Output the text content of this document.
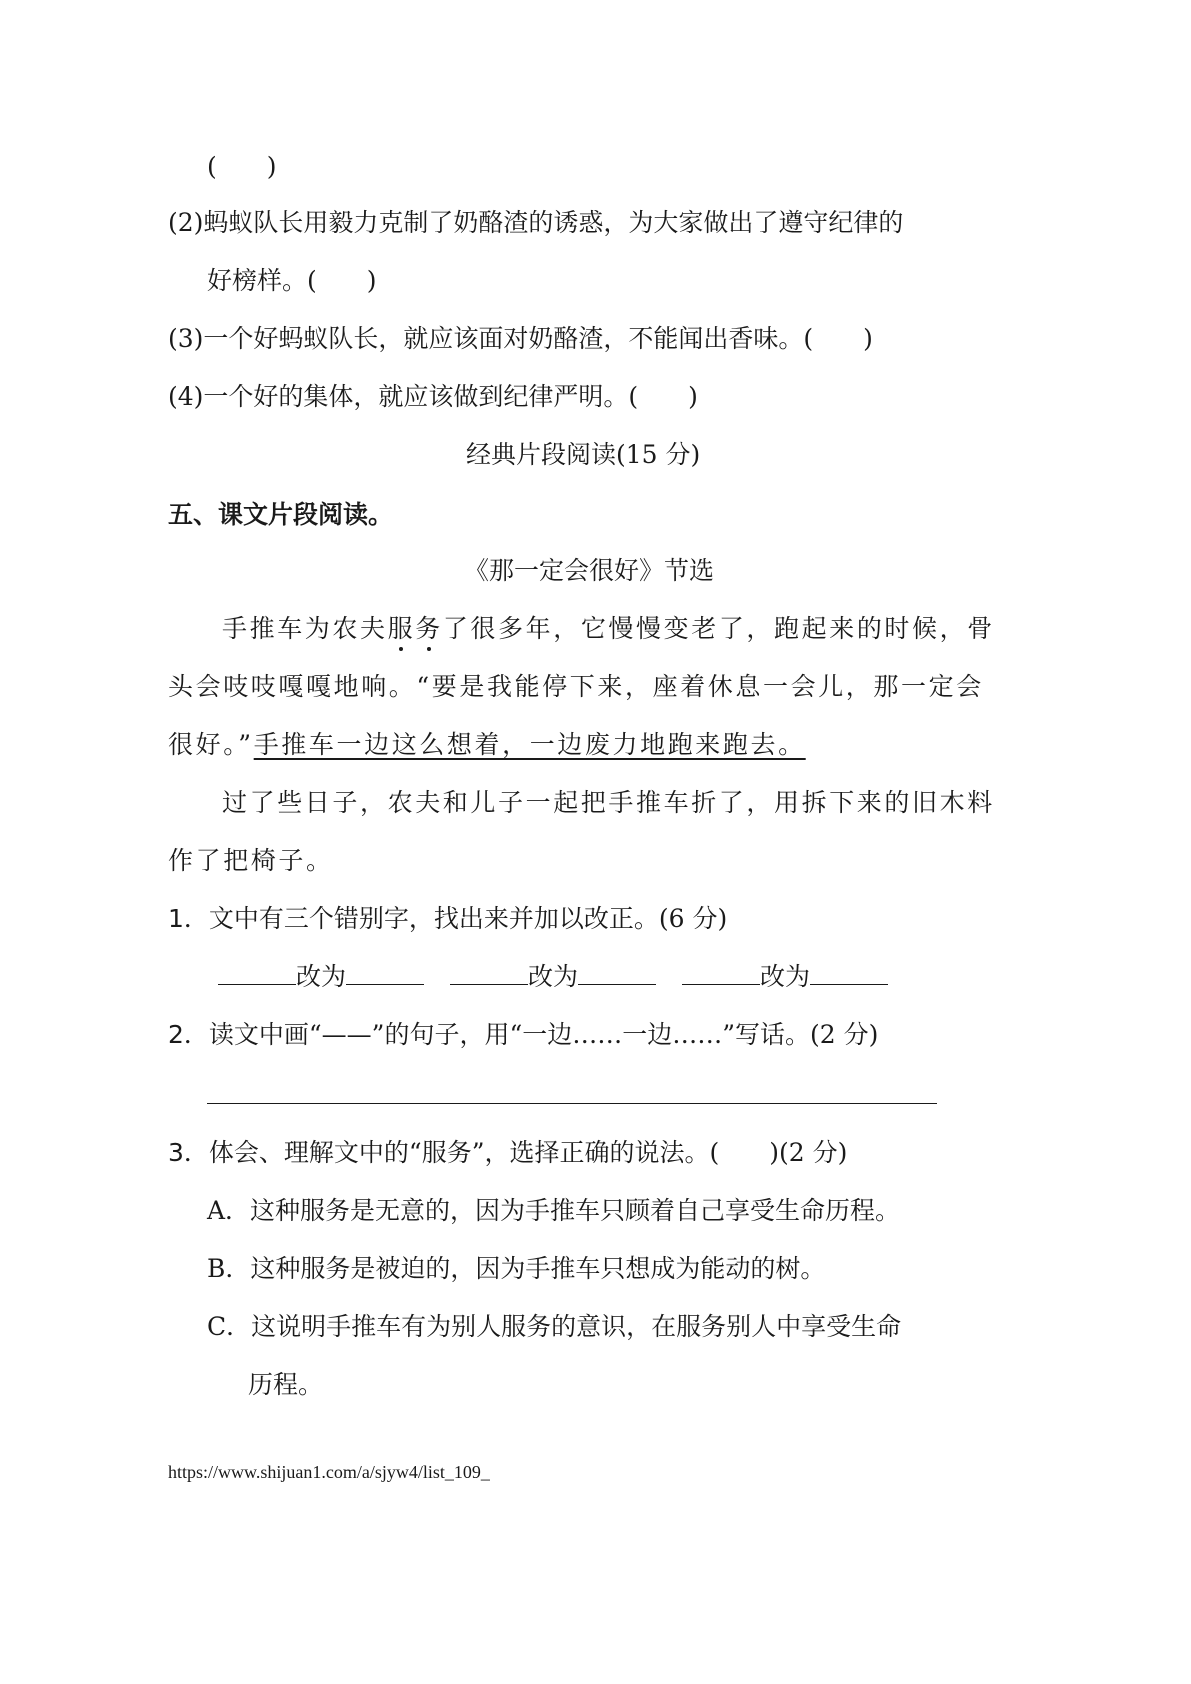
(　　)
(2)蚂蚁队长用毅力克制了奶酪渣的诱惑，为大家做出了遵守纪律的
好榜样。(　　)
(3)一个好蚂蚁队长，就应该面对奶酪渣，不能闻出香味。(　　)
(4)一个好的集体，就应该做到纪律严明。(　　)
经典片段阅读(15 分)
五、课文片段阅读。
《那一定会很好》节选
手推车为农夫服务了很多年，它慢慢变老了，跑起来的时候，骨
头会吱吱嘎嘎地响。“要是我能停下来，座着休息一会儿，那一定会
很好。”手推车一边这么想着，一边废力地跑来跑去。
过了些日子，农夫和儿子一起把手推车折了，用拆下来的旧木料
作了把椅子。
1．文中有三个错别字，找出来并加以改正。(6 分)
改为	改为	改为
2．读文中画“——”的句子，用“一边……一边……”写话。(2 分)
3．体会、理解文中的“服务”，选择正确的说法。(　　)(2 分)
A．这种服务是无意的，因为手推车只顾着自己享受生命历程。
B．这种服务是被迫的，因为手推车只想成为能动的树。
C．这说明手推车有为别人服务的意识，在服务别人中享受生命
历程。
https://www.shijuan1.com/a/sjyw4/list_109_
